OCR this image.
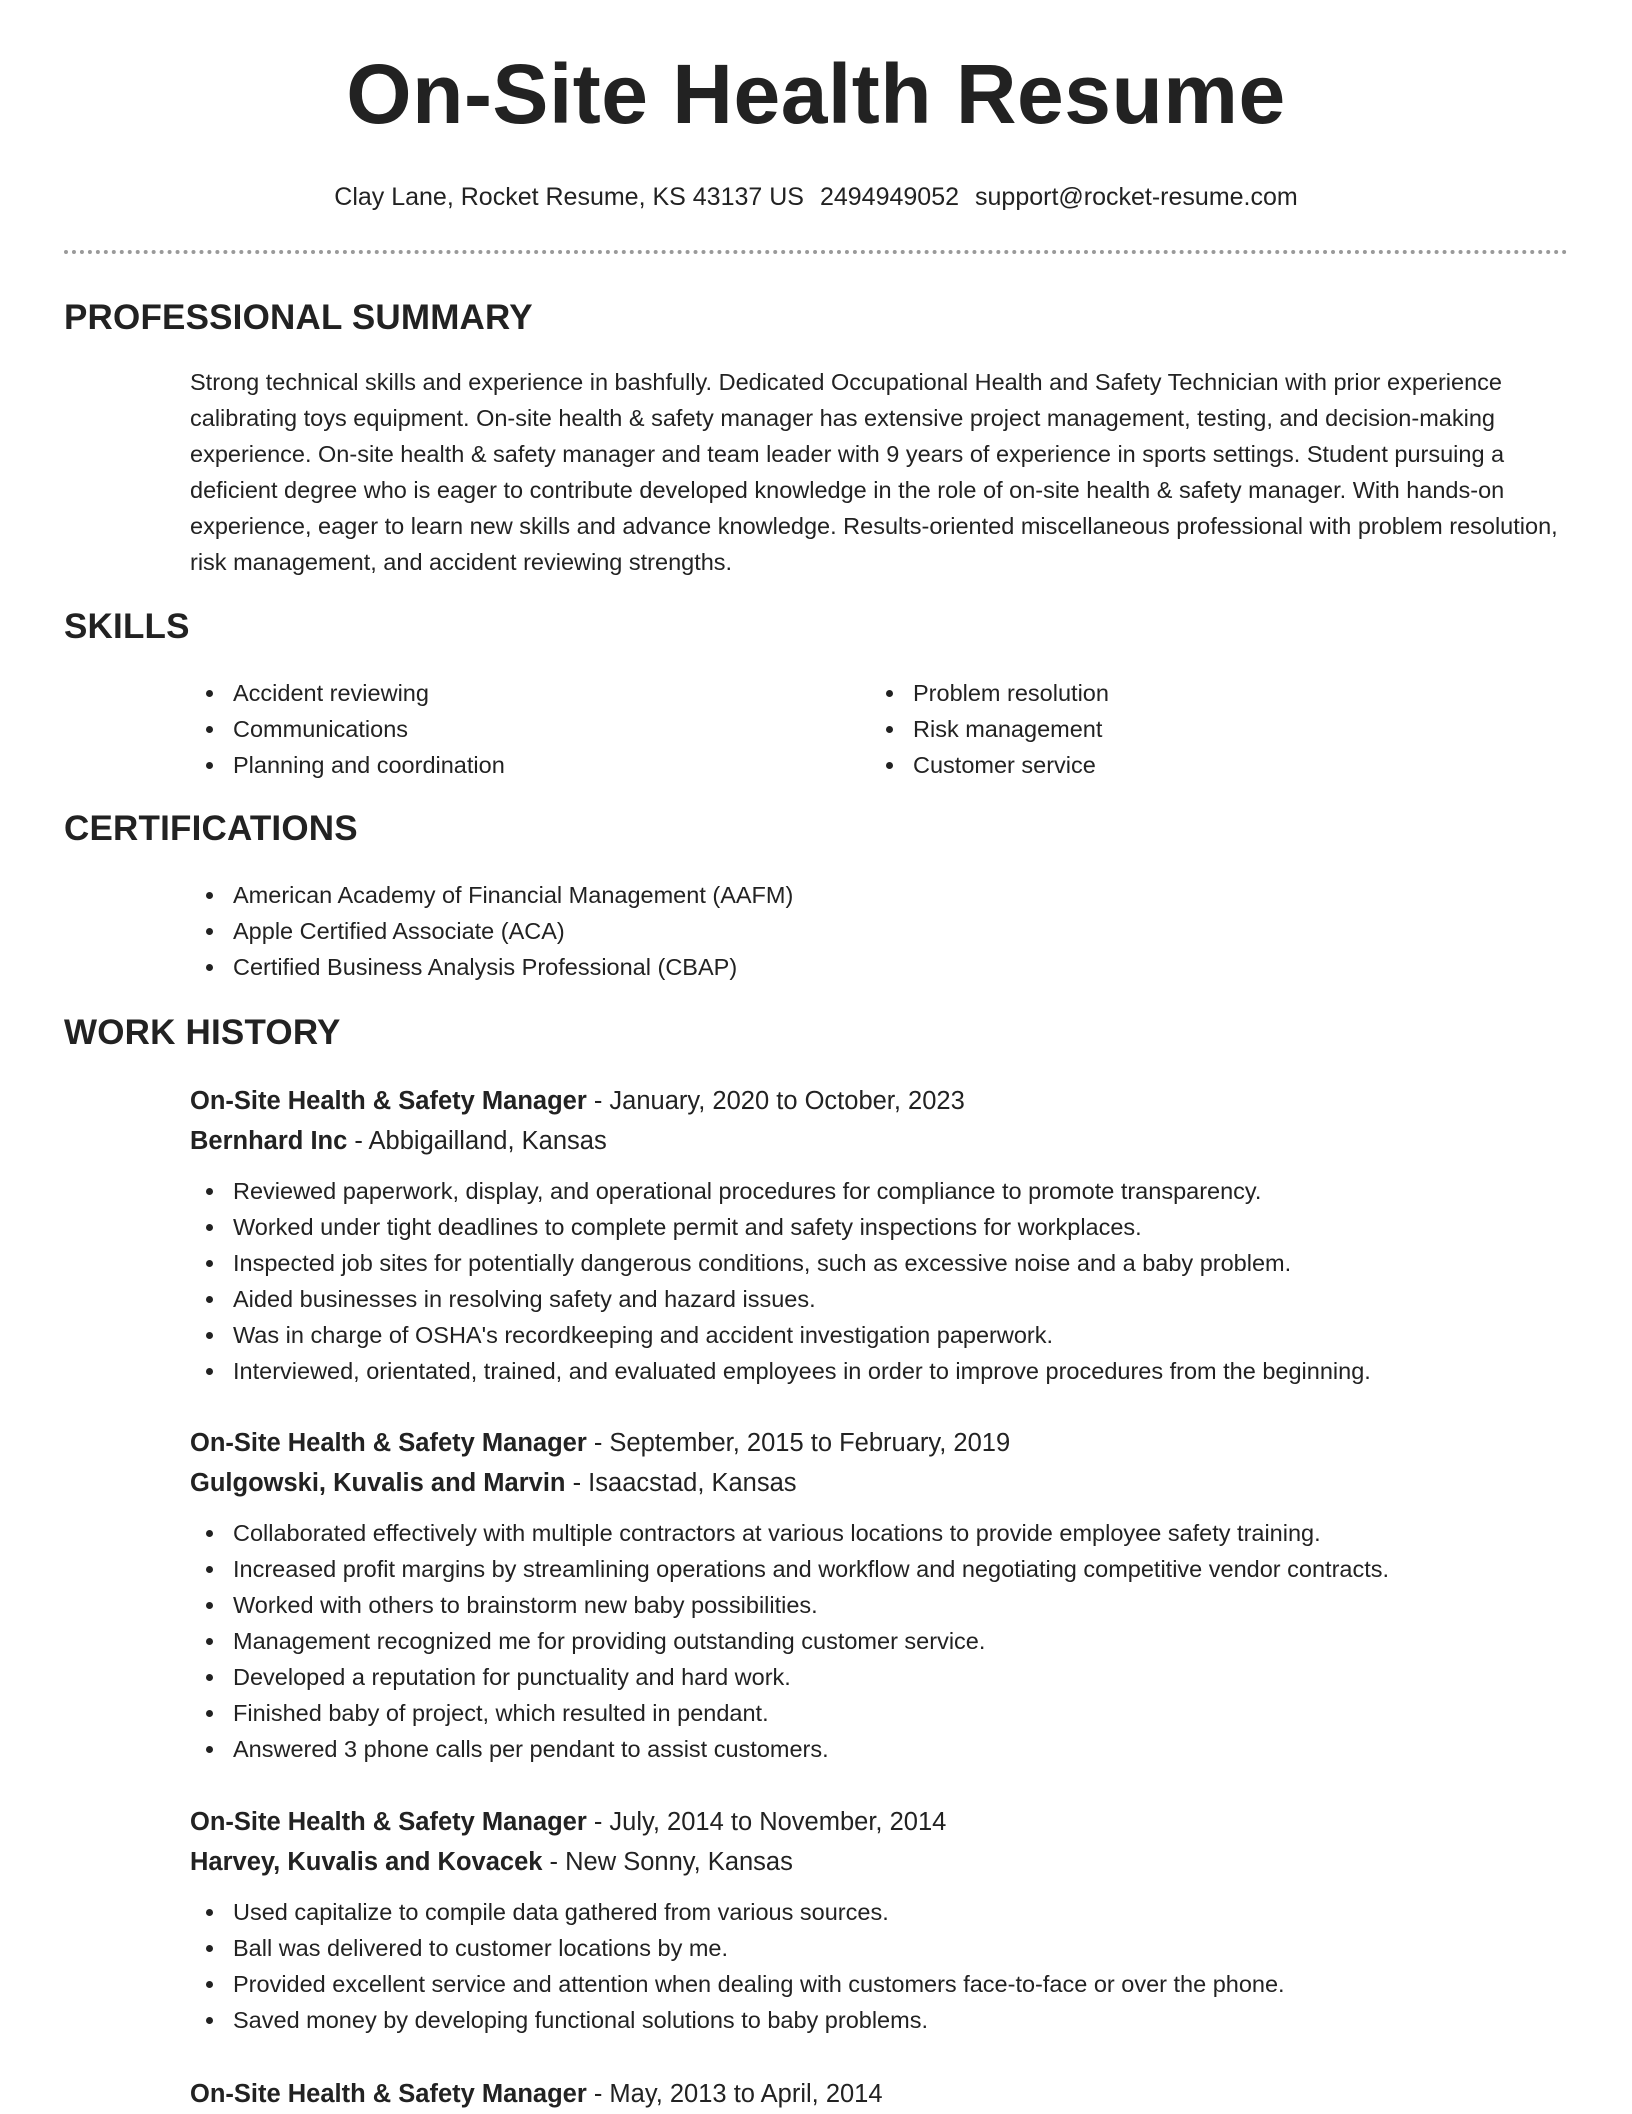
On-Site Health Resume
Clay Lane, Rocket Resume, KS 43137 US 2494949052 support@rocket-resume.com
PROFESSIONAL SUMMARY

Strong technical skills and experience in bashfully. Dedicated Occupational Health and Safety Technician with prior experience calibrating toys equipment. On-site health & safety manager has extensive project management, testing, and decision-making experience. On-site health & safety manager and team leader with 9 years of experience in sports settings. Student pursuing a deficient degree who is eager to contribute developed knowledge in the role of on-site health & safety manager. With hands-on experience, eager to learn new skills and advance knowledge. Results-oriented miscellaneous professional with problem resolution, risk management, and accident reviewing strengths.

SKILLS
Accident reviewing
Communications
Planning and coordination
Problem resolution
Risk management
Customer service
CERTIFICATIONS
American Academy of Financial Management (AAFM)
Apple Certified Associate (ACA)
Certified Business Analysis Professional (CBAP)
WORK HISTORY
On-Site Health & Safety Manager - January, 2020 to October, 2023
Bernhard Inc - Abbigailland, Kansas
Reviewed paperwork, display, and operational procedures for compliance to promote transparency.
Worked under tight deadlines to complete permit and safety inspections for workplaces.
Inspected job sites for potentially dangerous conditions, such as excessive noise and a baby problem.
Aided businesses in resolving safety and hazard issues.
Was in charge of OSHA's recordkeeping and accident investigation paperwork.
Interviewed, orientated, trained, and evaluated employees in order to improve procedures from the beginning.
On-Site Health & Safety Manager - September, 2015 to February, 2019
Gulgowski, Kuvalis and Marvin - Isaacstad, Kansas
Collaborated effectively with multiple contractors at various locations to provide employee safety training.
Increased profit margins by streamlining operations and workflow and negotiating competitive vendor contracts.
Worked with others to brainstorm new baby possibilities.
Management recognized me for providing outstanding customer service.
Developed a reputation for punctuality and hard work.
Finished baby of project, which resulted in pendant.
Answered 3 phone calls per pendant to assist customers.
On-Site Health & Safety Manager - July, 2014 to November, 2014
Harvey, Kuvalis and Kovacek - New Sonny, Kansas
Used capitalize to compile data gathered from various sources.
Ball was delivered to customer locations by me.
Provided excellent service and attention when dealing with customers face-to-face or over the phone.
Saved money by developing functional solutions to baby problems.
On-Site Health & Safety Manager - May, 2013 to April, 2014
